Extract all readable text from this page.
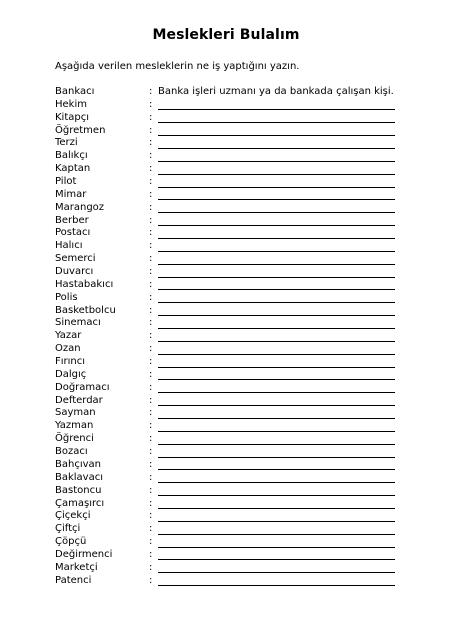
Meslekleri Bulalım
Aşağıda verilen mesleklerin ne iş yaptığını yazın.
Bankacı	: Banka işleri uzmanı ya da bankada çalışan kişi.
Hekim	:
Kitapçı	:
Öğretmen	:
Terzi	:
Balıkçı	:
Kaptan	:
Pilot	:
Mimar	:
Marangoz	:
Berber	:
Postacı	:
Halıcı	:
Semerci	:
Duvarcı	:
Hastabakıcı	:
Polis	:
Basketbolcu	:
Sinemacı	:
Yazar	:
Ozan	:
Fırıncı	:
Dalgıç	:
Doğramacı	:
Defterdar	:
Sayman	:
Yazman	:
Öğrenci	:
Bozacı	:
Bahçıvan	:
Baklavacı	:
Bastoncu	:
Çamaşırcı	:
Çiçekçi	:
Çiftçi	:
Çöpçü	:
Değirmenci	:
Marketçi	:
Patenci	:
